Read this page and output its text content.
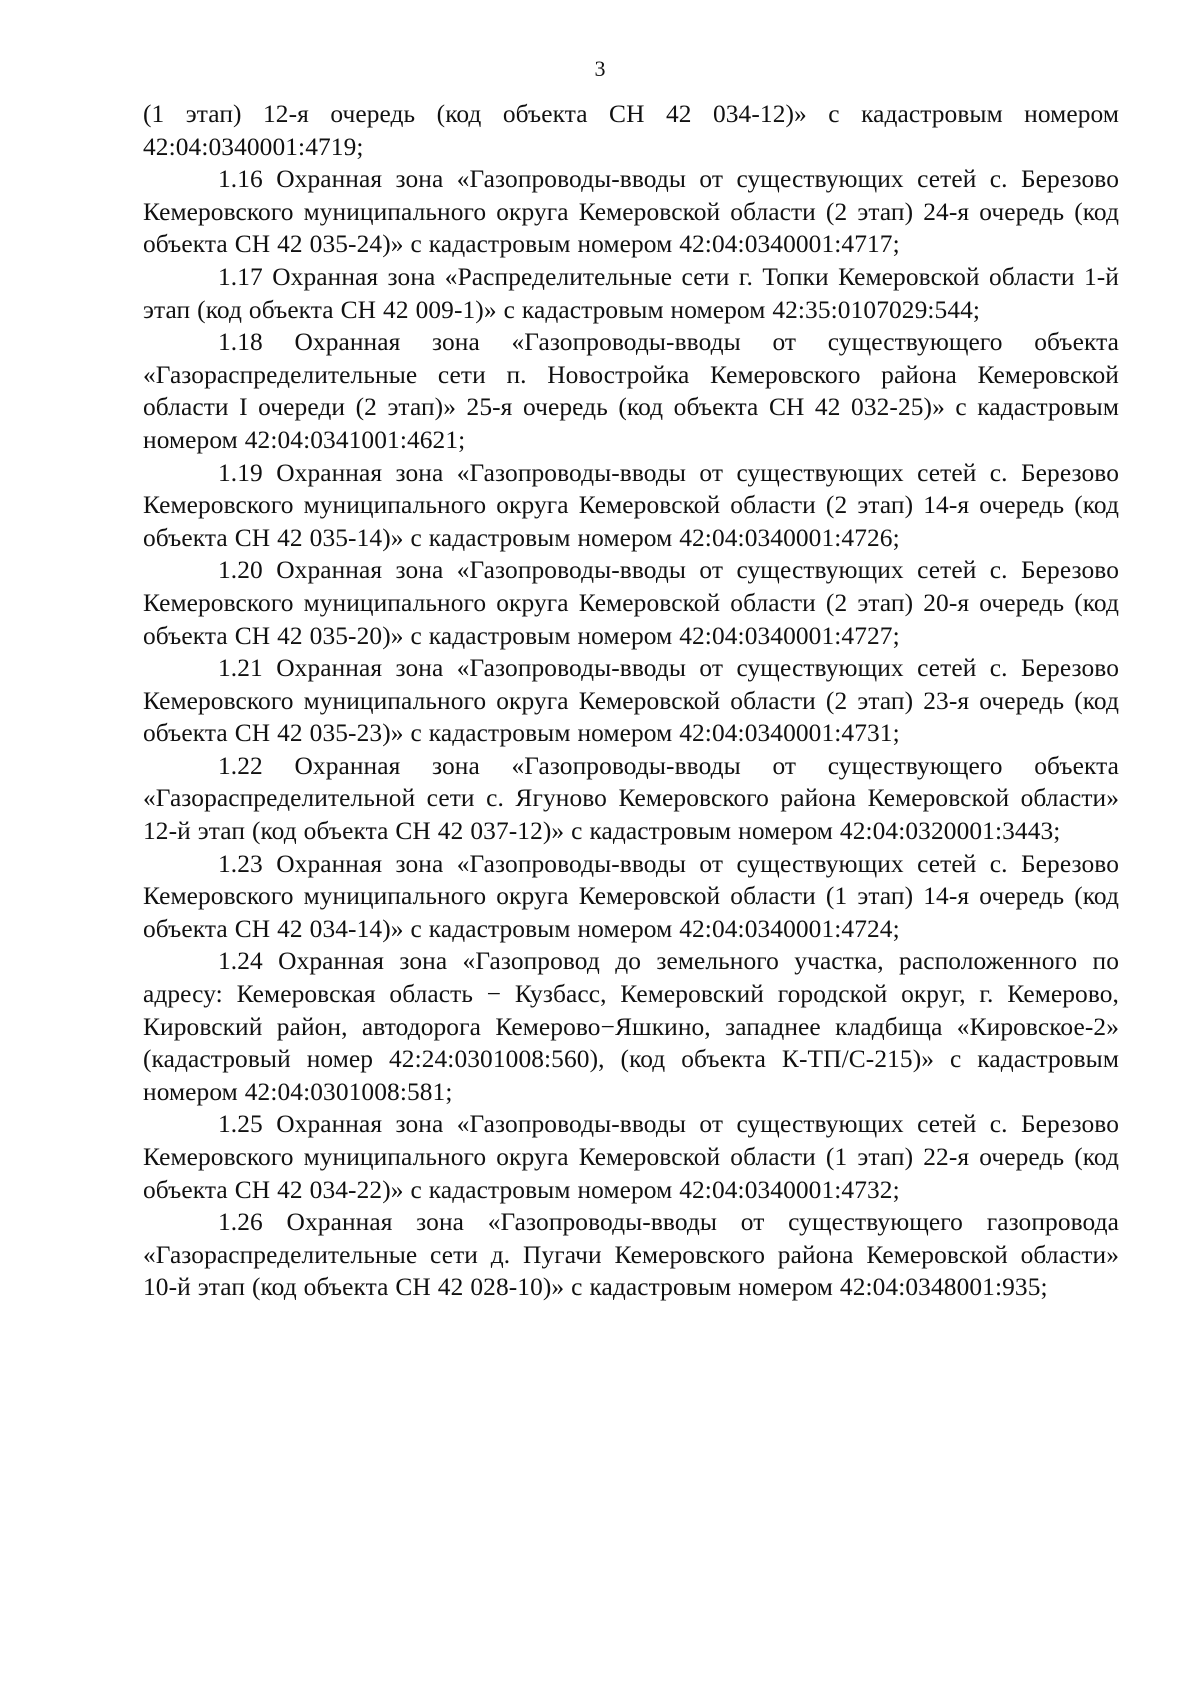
3

(1 этап) 12-я очередь (код объекта СН 42 034-12)» с кадастровым номером 42:04:0340001:4719;

1.16 Охранная зона «Газопроводы-вводы от существующих сетей с. Березово Кемеровского муниципального округа Кемеровской области (2 этап) 24-я очередь (код объекта СН 42 035-24)» с кадастровым номером 42:04:0340001:4717;

1.17 Охранная зона «Распределительные сети г. Топки Кемеровской области 1-й этап (код объекта СН 42 009-1)» с кадастровым номером 42:35:0107029:544;

1.18 Охранная зона «Газопроводы-вводы от существующего объекта «Газораспределительные сети п. Новостройка Кемеровского района Кемеровской области I очереди (2 этап)» 25-я очередь (код объекта СН 42 032-25)» с кадастровым номером 42:04:0341001:4621;

1.19 Охранная зона «Газопроводы-вводы от существующих сетей с. Березово Кемеровского муниципального округа Кемеровской области (2 этап) 14-я очередь (код объекта СН 42 035-14)» с кадастровым номером 42:04:0340001:4726;

1.20 Охранная зона «Газопроводы-вводы от существующих сетей с. Березово Кемеровского муниципального округа Кемеровской области (2 этап) 20-я очередь (код объекта СН 42 035-20)» с кадастровым номером 42:04:0340001:4727;

1.21 Охранная зона «Газопроводы-вводы от существующих сетей с. Березово Кемеровского муниципального округа Кемеровской области (2 этап) 23-я очередь (код объекта СН 42 035-23)» с кадастровым номером 42:04:0340001:4731;

1.22 Охранная зона «Газопроводы-вводы от существующего объекта «Газораспределительной сети с. Ягуново Кемеровского района Кемеровской области» 12-й этап (код объекта СН 42 037-12)» с кадастровым номером 42:04:0320001:3443;

1.23 Охранная зона «Газопроводы-вводы от существующих сетей с. Березово Кемеровского муниципального округа Кемеровской области (1 этап) 14-я очередь (код объекта СН 42 034-14)» с кадастровым номером 42:04:0340001:4724;

1.24 Охранная зона «Газопровод до земельного участка, расположенного по адресу: Кемеровская область − Кузбасс, Кемеровский городской округ, г. Кемерово, Кировский район, автодорога Кемерово−Яшкино, западнее кладбища «Кировское-2» (кадастровый номер 42:24:0301008:560), (код объекта К-ТП/С-215)» с кадастровым номером 42:04:0301008:581;

1.25 Охранная зона «Газопроводы-вводы от существующих сетей с. Березово Кемеровского муниципального округа Кемеровской области (1 этап) 22-я очередь (код объекта СН 42 034-22)» с кадастровым номером 42:04:0340001:4732;

1.26 Охранная зона «Газопроводы-вводы от существующего газопровода «Газораспределительные сети д. Пугачи Кемеровского района Кемеровской области» 10-й этап (код объекта СН 42 028-10)» с кадастровым номером 42:04:0348001:935;
